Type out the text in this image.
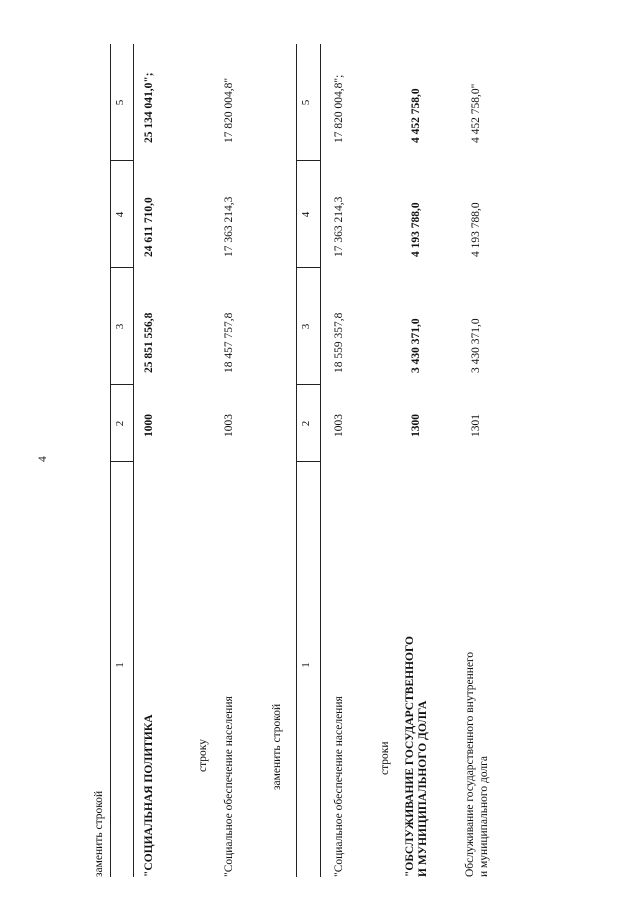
4
заменить строкой
1
2
3
4
5
"СОЦИАЛЬНАЯ ПОЛИТИКА
1000
25 851 556,8
24 611 710,0
25 134 041,0";
строку "Социальное обеспечение населения
1003
18 457 757,8
17 363 214,3
17 820 004,8"
заменить строкой
1
2
3
4
5
"Социальное обеспечение населения
1003
18 559 357,8
17 363 214,3
17 820 004,8";
строки "ОБСЛУЖИВАНИЕ ГОСУДАРСТВЕННОГО И МУНИЦИПАЛЬНОГО ДОЛГА
1300
3 430 371,0
4 193 788,0
4 452 758,0
Обслуживание государственного внутреннего и муниципального долга
1301
3 430 371,0
4 193 788,0
4 452 758,0"
